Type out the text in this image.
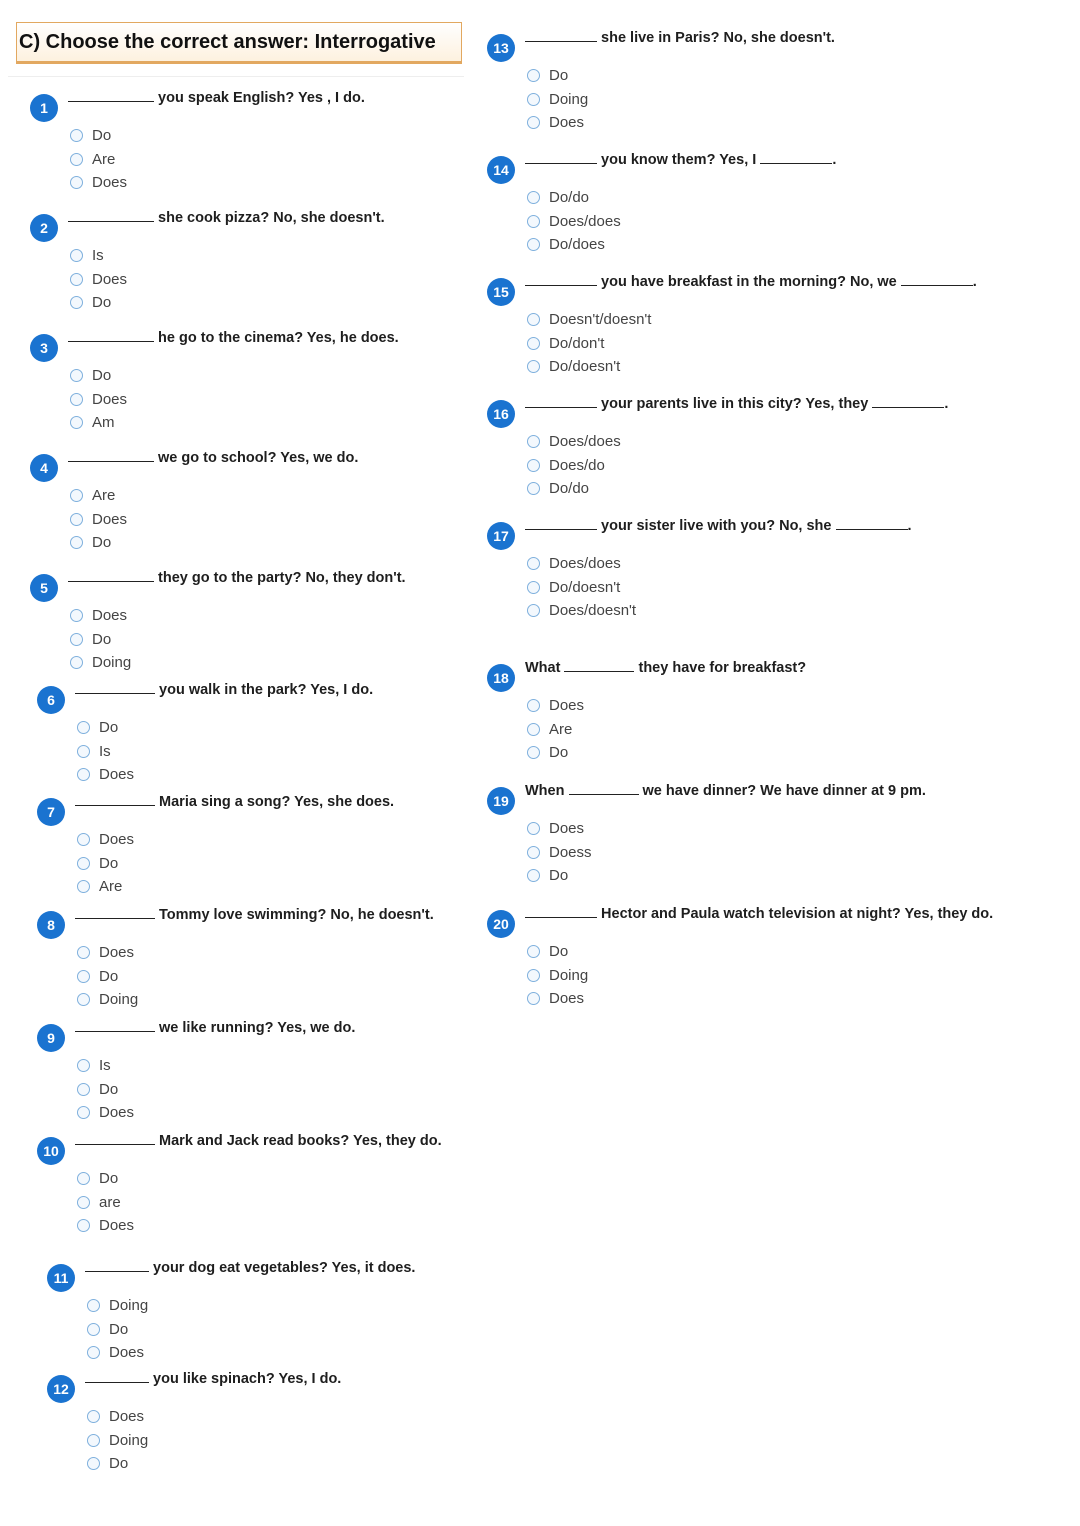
C) Choose the correct answer: Interrogative
1
you speak English? Yes , I do.
Do
Are
Does
2
she cook pizza? No, she doesn't.
Is
Does
Do
3
he go to the cinema? Yes, he does.
Do
Does
Am
4
we go to school? Yes, we do.
Are
Does
Do
5
they go to the party? No, they don't.
Does
Do
Doing
6
you walk in the park? Yes, I do.
Do
Is
Does
7
Maria sing a song? Yes, she does.
Does
Do
Are
8
Tommy love swimming? No, he doesn't.
Does
Do
Doing
9
we like running? Yes, we do.
Is
Do
Does
10
Mark and Jack read books? Yes, they do.
Do
are
Does
11
your dog eat vegetables? Yes, it does.
Doing
Do
Does
12
you like spinach? Yes, I do.
Does
Doing
Do
13
she live in Paris? No, she doesn't.
Do
Doing
Does
14
you know them? Yes, I	.
Do/do
Does/does
Do/does
15
you have breakfast in the morning? No, we	.
Doesn't/doesn't
Do/don't
Do/doesn't
16
your parents live in this city? Yes, they	.
Does/does
Does/do
Do/do
17
your sister live with you? No, she	.
Does/does
Do/doesn't
Does/doesn't
18
What	they have for breakfast?
Does
Are
Do
19
When	we have dinner? We have dinner at 9 pm.
Does
Doess
Do
20
Hector and Paula watch television at night? Yes, they do.
Do
Doing
Does
